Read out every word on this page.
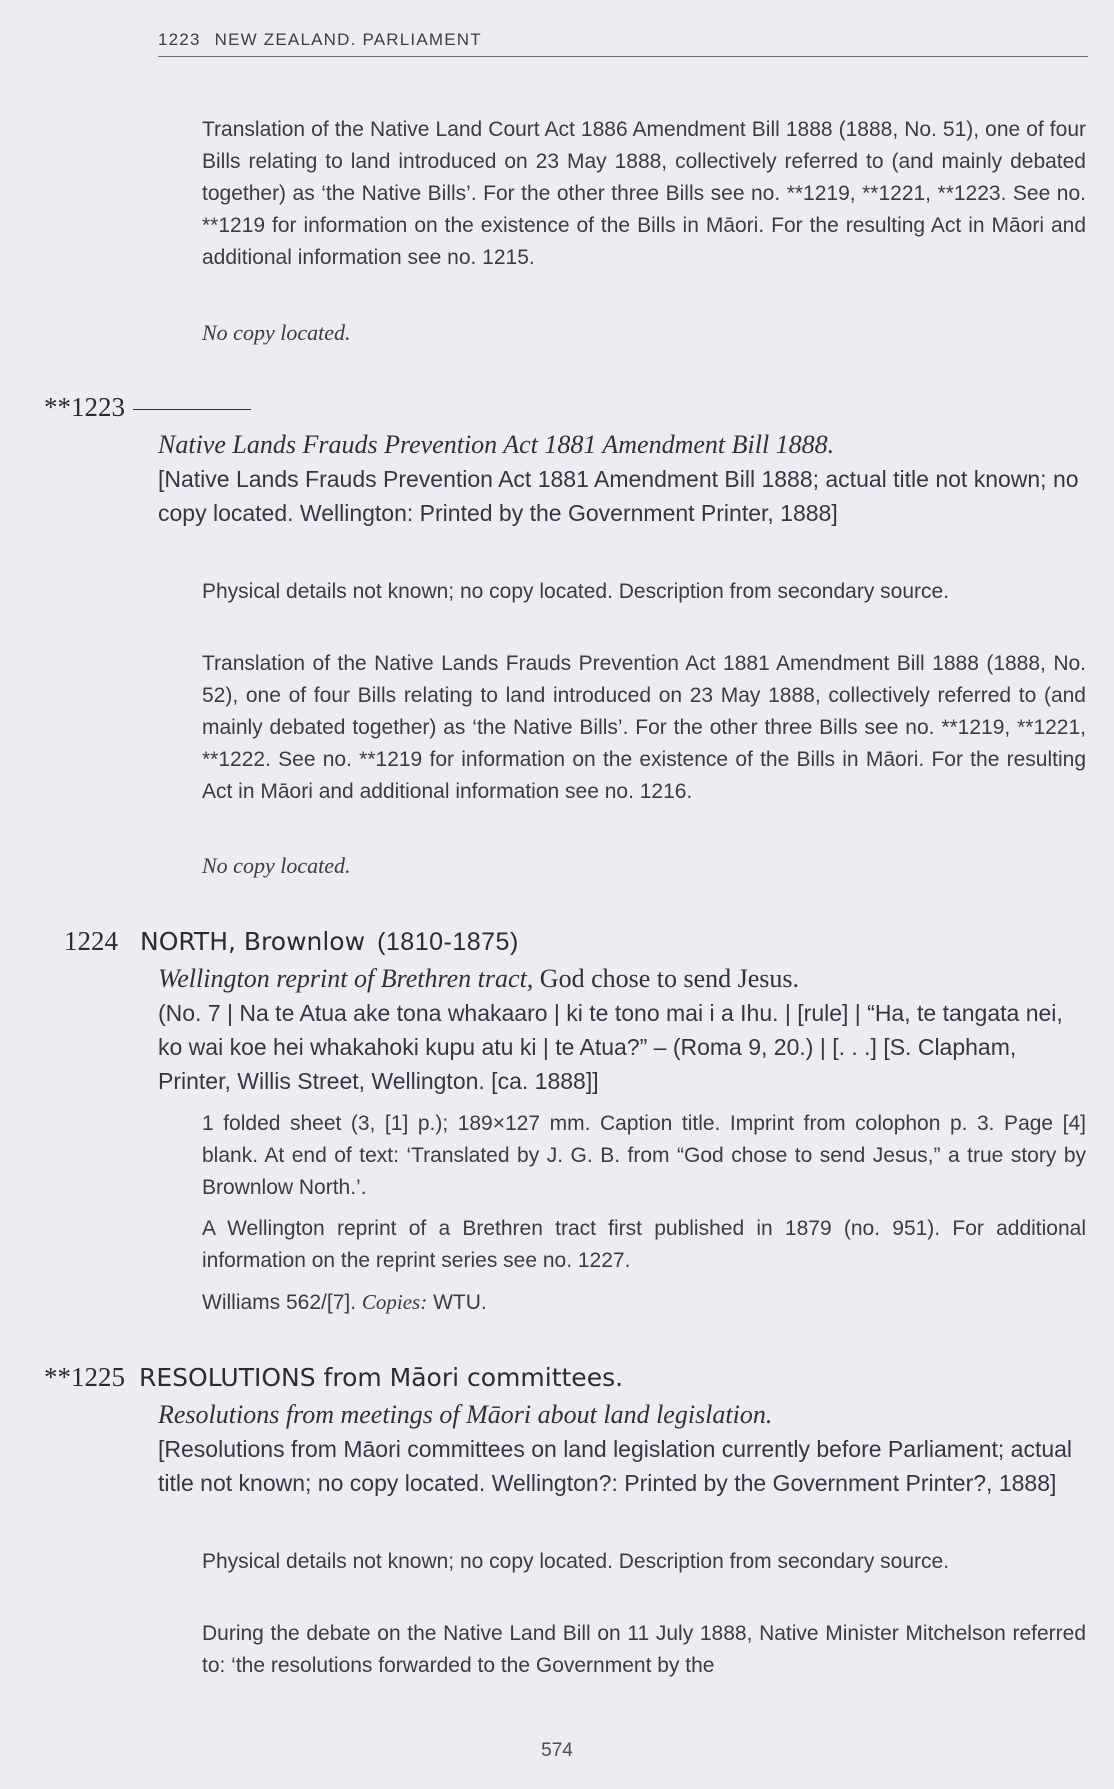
1223 NEW ZEALAND. PARLIAMENT

Translation of the Native Land Court Act 1886 Amendment Bill 1888 (1888, No. 51), one of four Bills relating to land introduced on 23 May 1888, collectively referred to (and mainly debated together) as ‘the Native Bills’. For the other three Bills see no. **1219, **1221, **1223. See no. **1219 for information on the existence of the Bills in Māori. For the resulting Act in Māori and additional information see no. 1215.

No copy located.

**1223
Native Lands Frauds Prevention Act 1881 Amendment Bill 1888.

[Native Lands Frauds Prevention Act 1881 Amendment Bill 1888; actual title not known; no copy located. Wellington: Printed by the Government Printer, 1888]

Physical details not known; no copy located. Description from secondary source.

Translation of the Native Lands Frauds Prevention Act 1881 Amendment Bill 1888 (1888, No. 52), one of four Bills relating to land introduced on 23 May 1888, collectively referred to (and mainly debated together) as ‘the Native Bills’. For the other three Bills see no. **1219, **1221, **1222. See no. **1219 for information on the existence of the Bills in Māori. For the resulting Act in Māori and additional information see no. 1216.

No copy located.

1224 NORTH, Brownlow (1810-1875)
Wellington reprint of Brethren tract, God chose to send Jesus.

(No. 7 | Na te Atua ake tona whakaaro | ki te tono mai i a Ihu. | [rule] | “Ha, te tangata nei, ko wai koe hei whakahoki kupu atu ki | te Atua?” – (Roma 9, 20.) | [. . .] [S. Clapham, Printer, Willis Street, Wellington. [ca. 1888]]

1 folded sheet (3, [1] p.); 189×127 mm. Caption title. Imprint from colophon p. 3. Page [4] blank. At end of text: ‘Translated by J. G. B. from “God chose to send Jesus,” a true story by Brownlow North.’.

A Wellington reprint of a Brethren tract first published in 1879 (no. 951). For additional information on the reprint series see no. 1227.

Williams 562/[7]. Copies: WTU.

**1225 RESOLUTIONS from Māori committees.
Resolutions from meetings of Māori about land legislation.

[Resolutions from Māori committees on land legislation currently before Parliament; actual title not known; no copy located. Wellington?: Printed by the Government Printer?, 1888]

Physical details not known; no copy located. Description from secondary source.

During the debate on the Native Land Bill on 11 July 1888, Native Minister Mitchelson referred to: ‘the resolutions forwarded to the Government by the

574
